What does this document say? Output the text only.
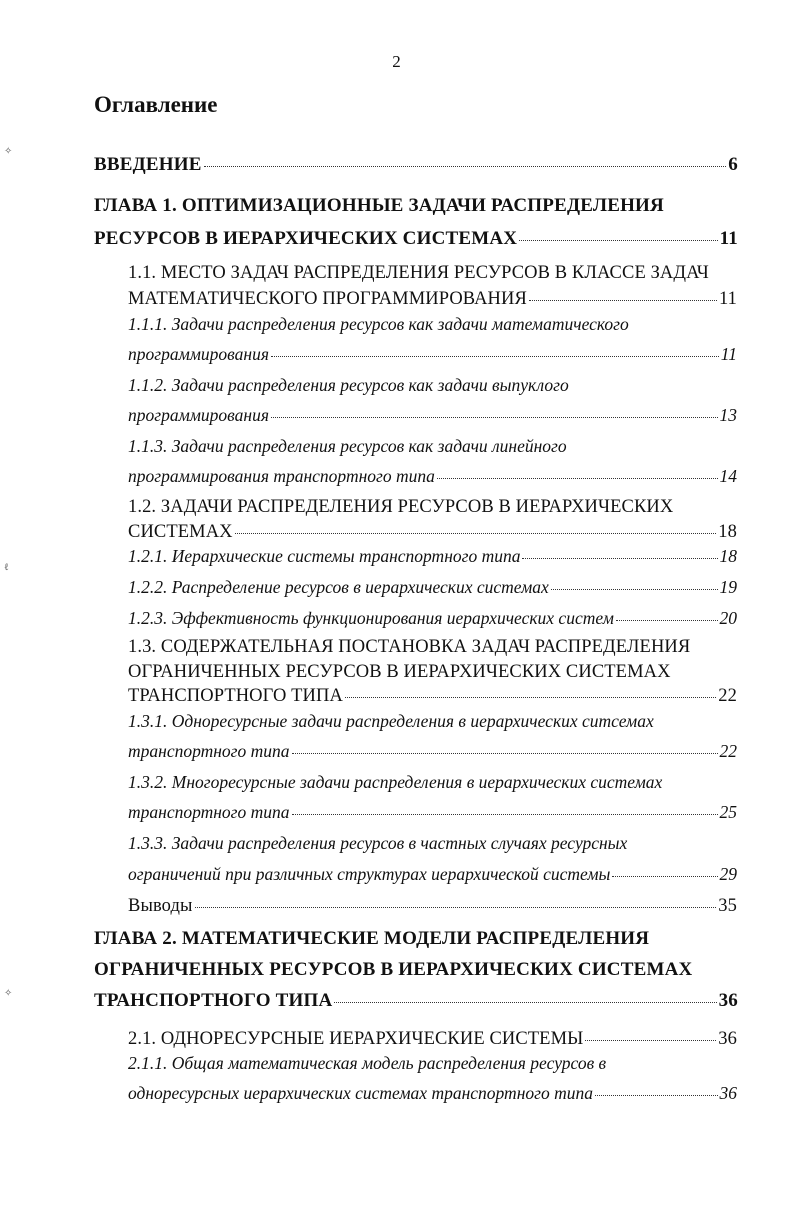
2
Оглавление
ВВЕДЕНИЕ	6
ГЛАВА 1. ОПТИМИЗАЦИОННЫЕ ЗАДАЧИ РАСПРЕДЕЛЕНИЯ
РЕСУРСОВ В ИЕРАРХИЧЕСКИХ СИСТЕМАХ	11
1.1. МЕСТО ЗАДАЧ РАСПРЕДЕЛЕНИЯ РЕСУРСОВ В КЛАССЕ ЗАДАЧ
МАТЕМАТИЧЕСКОГО ПРОГРАММИРОВАНИЯ	11
1.1.1. Задачи распределения ресурсов как задачи математического
программирования	11
1.1.2. Задачи распределения ресурсов как задачи выпуклого
программирования	13
1.1.3. Задачи распределения ресурсов как задачи линейного
программирования транспортного типа	14
1.2. ЗАДАЧИ РАСПРЕДЕЛЕНИЯ РЕСУРСОВ В ИЕРАРХИЧЕСКИХ
СИСТЕМАХ	18
1.2.1. Иерархические системы транспортного типа	18
1.2.2. Распределение ресурсов в иерархических системах	19
1.2.3. Эффективность функционирования иерархических систем	20
1.3. СОДЕРЖАТЕЛЬНАЯ ПОСТАНОВКА ЗАДАЧ РАСПРЕДЕЛЕНИЯ
ОГРАНИЧЕННЫХ РЕСУРСОВ В ИЕРАРХИЧЕСКИХ СИСТЕМАХ
ТРАНСПОРТНОГО ТИПА	22
1.3.1. Однорecурсные задачи распределения в иерархических ситсемах
транспортного типа	22
1.3.2. Многоресурсные задачи распределения в иерархических системах
транспортного типа	25
1.3.3. Задачи распределения ресурсов в частных случаях ресурсных
ограничений при различных структурах иерархической системы	29
Выводы	35
ГЛАВА 2. МАТЕМАТИЧЕСКИЕ МОДЕЛИ РАСПРЕДЕЛЕНИЯ
ОГРАНИЧЕННЫХ РЕСУРСОВ В ИЕРАРХИЧЕСКИХ СИСТЕМАХ
ТРАНСПОРТНОГО ТИПА	36
2.1. ОДНОРЕСУРСНЫЕ ИЕРАРХИЧЕСКИЕ СИСТЕМЫ	36
2.1.1. Общая математическая модель распределения ресурсов в
одноресурсных иерархических системах транспортного типа	36
✧
ℓ
✧
